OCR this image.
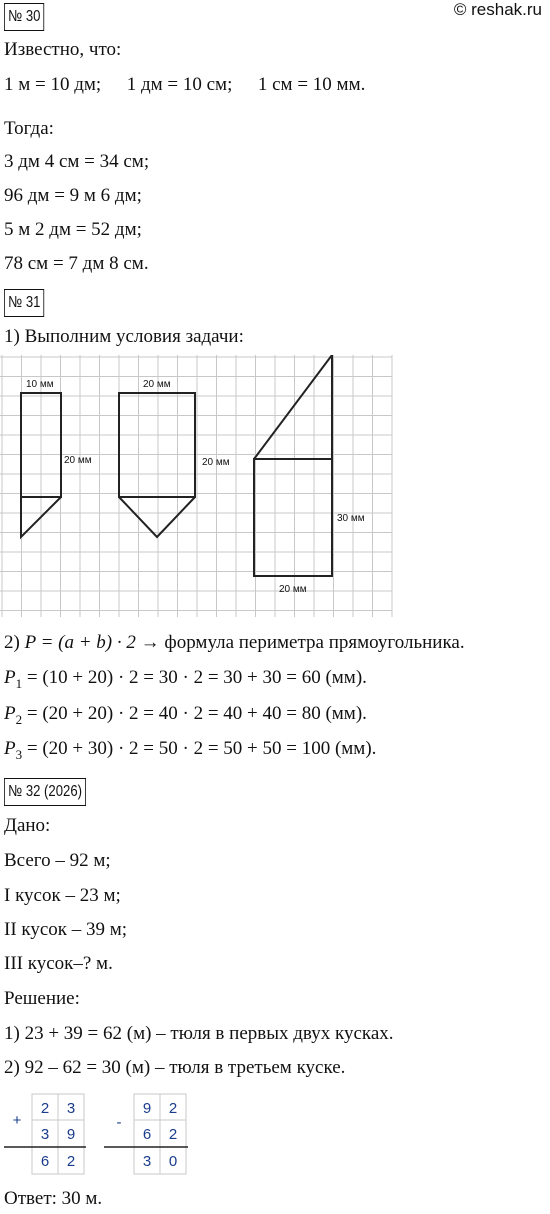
© reshak.ru
№ 30
Известно, что:
1 м = 10 дм; 1 дм = 10 см; 1 см = 10 мм.
Тогда:
3 дм 4 см = 34 см;
96 дм = 9 м 6 дм;
5 м 2 дм = 52 дм;
78 см = 7 дм 8 см.
№ 31
1) Выполним условия задачи:
10 мм
20 мм
20 мм
20 мм
30 мм
20 мм
2) P = (a + b) · 2 → формула периметра прямоугольника.
$P_1 = (10 + 20) \cdot 2 = 30 \cdot 2 = 30 + 30 = 60$ (мм).
$P_2 = (20 + 20) \cdot 2 = 40 \cdot 2 = 40 + 40 = 80$ (мм).
$P_3 = (20 + 30) \cdot 2 = 50 \cdot 2 = 50 + 50 = 100$ (мм).
№ 32 (2026)
Дано:
Всего – 92 м;
I кусок – 23 м;
II кусок – 39 м;
III кусок–? м.
Решение:
1) 23 + 39 = 62 (м) – тюля в первых двух кусках.
2) 92 – 62 = 30 (м) – тюля в третьем куске.
+
2 3
3 9
6 2
-
9 2
6 2
3 0
Ответ: 30 м.
